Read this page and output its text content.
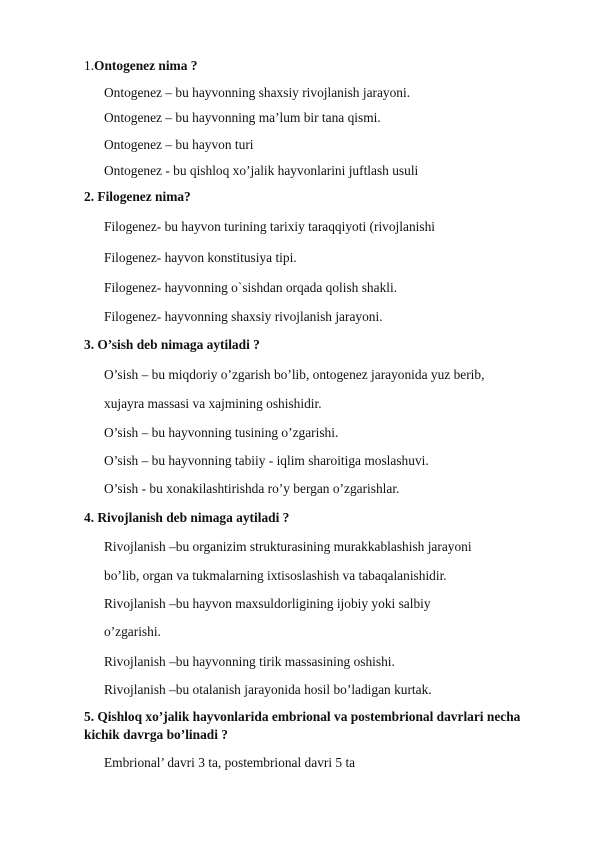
1.Ontogenez nima ?
Ontogenez – bu hayvonning shaxsiy rivojlanish jarayoni.
Ontogenez – bu hayvonning ma’lum bir tana qismi.
Ontogenez – bu hayvon turi
Ontogenez - bu qishloq xo’jalik hayvonlarini juftlash usuli
2. Filogenez nima?
Filogenez- bu hayvon turining tarixiy taraqqiyoti (rivojlanishi
Filogenez- hayvon konstitusiya tipi.
Filogenez- hayvonning o`sishdan orqada qolish shakli.
Filogenez- hayvonning shaxsiy rivojlanish jarayoni.
3. O’sish deb nimaga aytiladi ?
O’sish – bu miqdoriy o’zgarish bo’lib, ontogenez jarayonida yuz berib,
xujayra massasi va xajmining oshishidir.
O’sish – bu hayvonning tusining o’zgarishi.
O’sish – bu hayvonning tabiiy - iqlim sharoitiga moslashuvi.
O’sish - bu xonakilashtirishda ro’y bergan o’zgarishlar.
4. Rivojlanish deb nimaga aytiladi ?
Rivojlanish –bu organizim strukturasining murakkablashish jarayoni
bo’lib, organ va tukmalarning ixtisoslashish va tabaqalanishidir.
Rivojlanish –bu hayvon maxsuldorligining ijobiy yoki salbiy
o’zgarishi.
Rivojlanish –bu hayvonning tirik massasining oshishi.
Rivojlanish –bu otalanish jarayonida hosil bo’ladigan kurtak.
5. Qishloq xo’jalik hayvonlarida embrional va postembrional davrlari necha
kichik davrga bo’linadi ?
Embrional’ davri 3 ta, postembrional davri 5 ta
